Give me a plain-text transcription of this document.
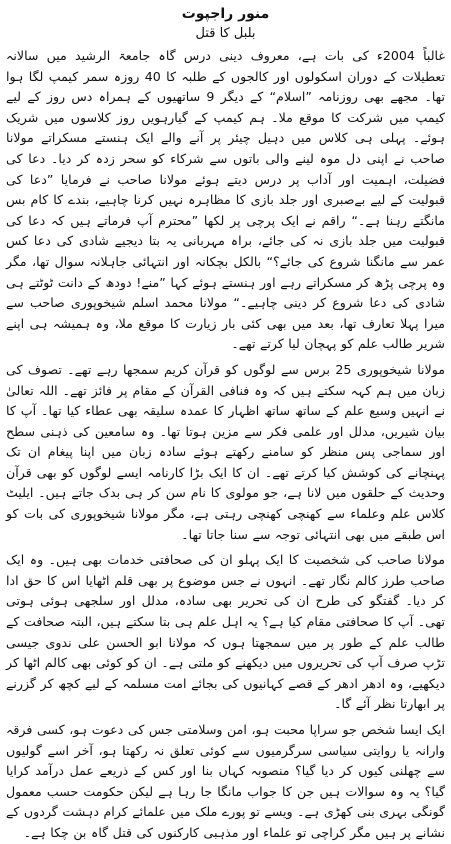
منور راجپوت
بلبل کا قتل

غالباً 2004ء کی بات ہے، معروف دینی درس گاہ جامعۃ الرشید میں سالانہ تعطیلات کے دوران اسکولوں اور کالجوں کے طلبہ کا 40 روزہ سمر کیمپ لگا ہوا تھا۔ مجھے بھی روزنامہ ”اسلام“ کے دیگر 9 ساتھیوں کے ہمراہ دس روز کے لیے کیمپ میں شرکت کا موقع ملا۔ ہم کیمپ کے گیارہویں روز کلاسوں میں شریک ہوئے۔ پہلی ہی کلاس میں دہیل چیئر پر آنے والے ایک ہنستے مسکراتے مولانا صاحب نے اپنی دل موہ لینے والی باتوں سے شرکاء کو سحر زدہ کر دیا۔ دعا کی فضیلت، اہمیت اور آداب پر درس دیتے ہوئے مولانا صاحب نے فرمایا ”دعا کی قبولیت کے لیے بےصبری اور جلد بازی کا مظاہرہ نہیں کرنا چاہیے، بندے کا کام بس مانگتے رہنا ہے۔“ راقم نے ایک پرچی پر لکھا ”محترم آپ فرماتے ہیں کہ دعا کی قبولیت میں جلد بازی نہ کی جائے، براہ مہربانی یہ بتا دیجیے شادی کی دعا کس عمر سے مانگنا شروع کی جائے؟“ بالکل بچکانہ اور انتہائی جاہلانہ سوال تھا، مگر وہ پرچی پڑھ کر مسکراتے رہے اور ہنستے ہوئے کہا ”منے! دودھ کے دانت ٹوٹتے ہی شادی کی دعا شروع کر دینی چاہیے۔“ مولانا محمد اسلم شیخوپوری صاحب سے میرا پہلا تعارف تھا، بعد میں بھی کئی بار زیارت کا موقع ملا، وہ ہمیشہ ہی اپنے شریر طالب علم کو پہچان لیا کرتے تھے۔

مولانا شیخوپوری 25 برس سے لوگوں کو قرآن کریم سمجھا رہے تھے۔ تصوف کی زبان میں ہم کہہ سکتے ہیں کہ وہ فنافی القرآن کے مقام پر فائز تھے۔ اللہ تعالیٰ نے انہیں وسیع علم کے ساتھ ساتھ اظہار کا عمدہ سلیقہ بھی عطاء کیا تھا۔ آپ کا بیان شیریں، مدلل اور علمی فکر سے مزین ہوتا تھا۔ وہ سامعین کی ذہنی سطح اور سماجی پس منظر کو سامنے رکھتے ہوئے سادہ زبان میں اپنا پیغام ان تک پہنچانے کی کوشش کیا کرتے تھے۔ ان کا ایک بڑا کارنامہ ایسے لوگوں کو بھی قرآن وحدیث کے حلقوں میں لانا ہے، جو مولوی کا نام سن کر ہی بدک جاتے ہیں۔ ایلیٹ کلاس علم وعلماء سے کھنچی کھنچی رہتی ہے، مگر مولانا شیخوپوری کی بات کو اس طبقے میں بھی انتہائی توجہ سے سنا جاتا تھا۔

مولانا صاحب کی شخصیت کا ایک پہلو ان کی صحافتی خدمات بھی ہیں۔ وہ ایک صاحب طرز کالم نگار تھے۔ انہوں نے جس موضوع پر بھی قلم اٹھایا اس کا حق ادا کر دیا۔ گفتگو کی طرح ان کی تحریر بھی سادہ، مدلل اور سلجھی ہوئی ہوتی تھی۔ آپ کا صحافتی مقام کیا ہے؟ یہ اہل علم ہی بتا سکتے ہیں، البتہ صحافت کے طالب علم کے طور پر میں سمجھتا ہوں کہ مولانا ابو الحسن علی ندوی جیسی تڑپ صرف آپ کی تحریروں میں دیکھنے کو ملتی ہے۔ ان کو کوئی بھی کالم اٹھا کر دیکھیے، وہ ادھر ادھر کے قصے کہانیوں کی بجائے امت مسلمہ کے لیے کچھ کر گزرنے پر ابھارتا نظر آئے گا۔

ایک ایسا شخص جو سراپا محبت ہو، امن وسلامتی جس کی دعوت ہو، کسی فرقہ وارانہ یا روایتی سیاسی سرگرمیوں سے کوئی تعلق نہ رکھتا ہو، آخر اسے گولیوں سے چھلنی کیوں کر دیا گیا؟ منصوبہ کہاں بنا اور کس کے ذریعے عمل درآمد کرایا گیا؟ یہ وہ سوالات ہیں جن کا جواب مانگا جا رہا ہے لیکن حکومت حسب معمول گونگی بہری بنی کھڑی ہے۔ ویسے تو پورے ملک میں علمائے کرام دہشت گردوں کے نشانے پر ہیں مگر کراچی تو علماء اور مذہبی کارکنوں کی قتل گاہ بن چکا ہے۔
